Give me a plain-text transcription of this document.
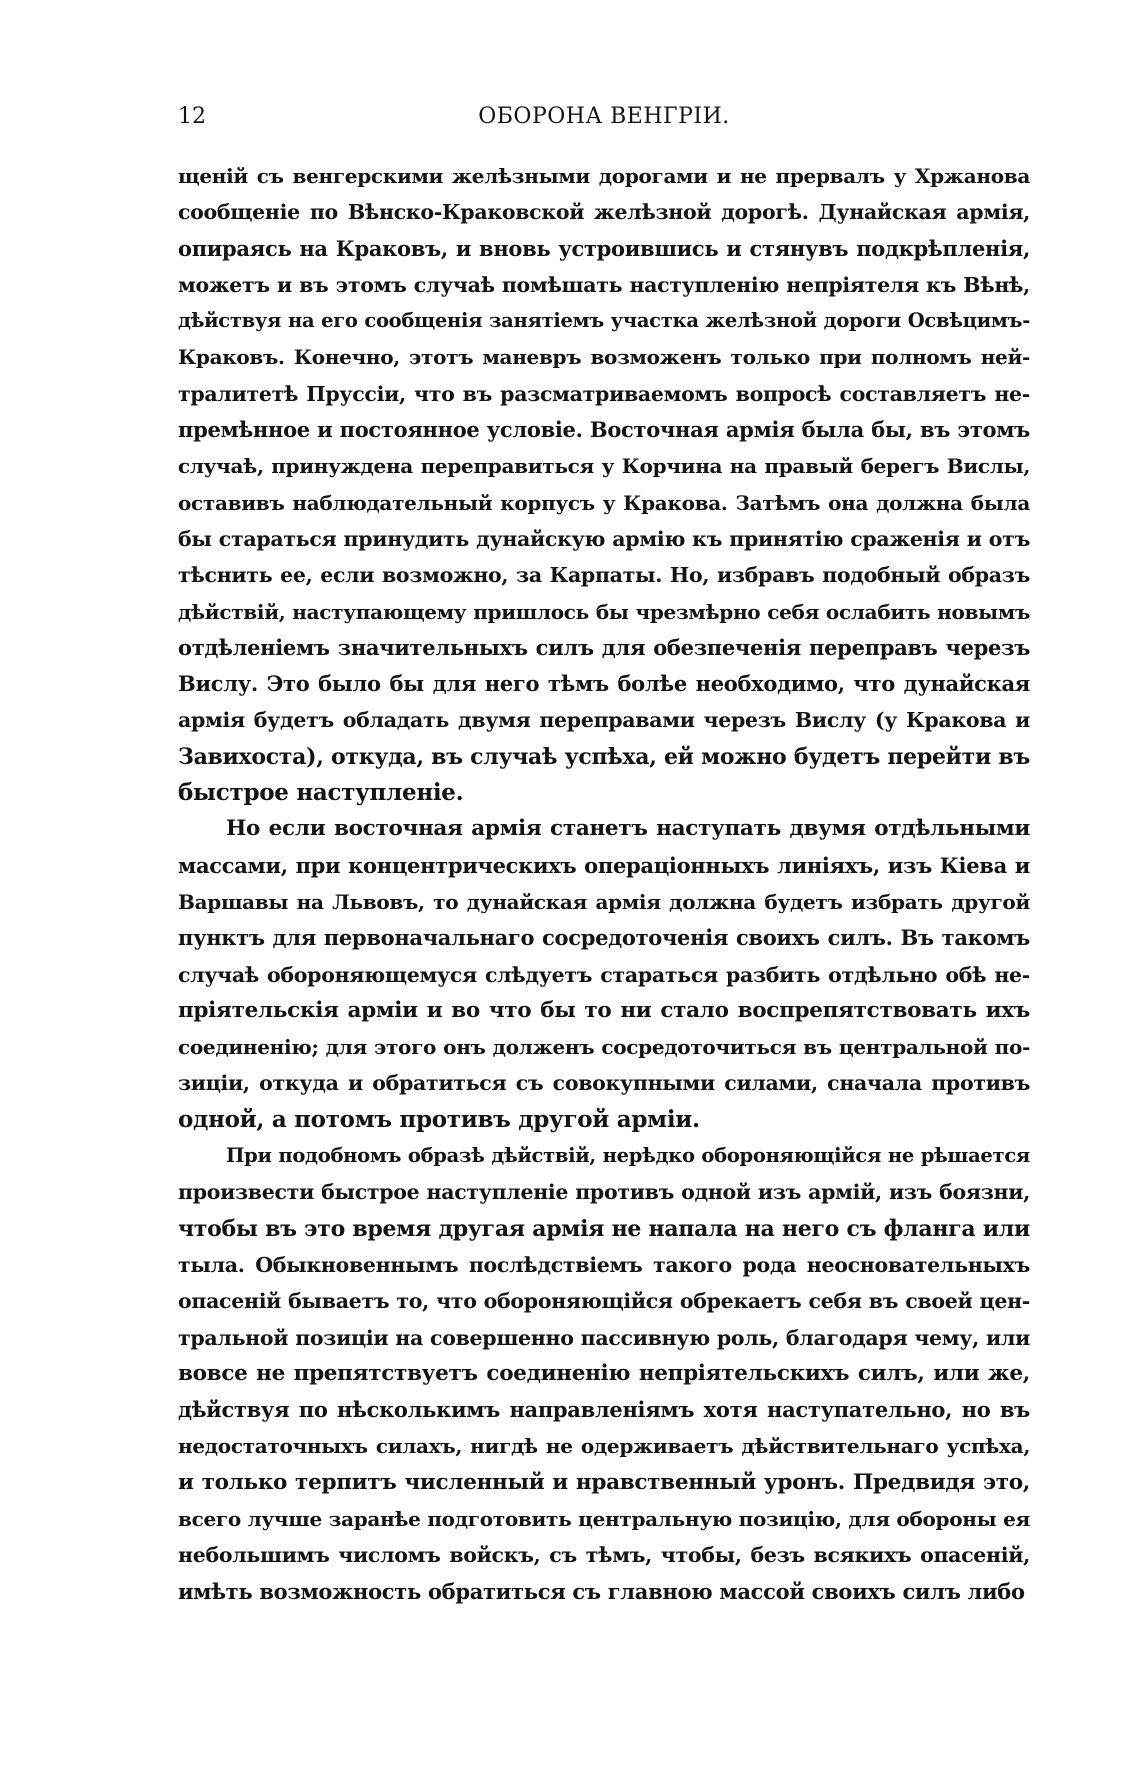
12	ОБОРОНА ВЕНГРІИ.
щеній съ венгерскими желѣзными дорогами и не прервалъ у Хржанова
сообщеніе по Вѣнско-Краковской желѣзной дорогѣ. Дунайская армія,
опираясь на Краковъ, и вновь устроившись и стянувъ подкрѣпленія,
можетъ и въ этомъ случаѣ помѣшать наступленію непріятеля къ Вѣнѣ,
дѣйствуя на его сообщенія занятіемъ участка желѣзной дороги Освѣцимъ-
Краковъ. Конечно, этотъ маневръ возможенъ только при полномъ ней-
тралитетѣ Пруссіи, что въ разсматриваемомъ вопросѣ составляетъ не-
премѣнное и постоянное условіе. Восточная армія была бы, въ этомъ
случаѣ, принуждена переправиться у Корчина на правый берегъ Вислы,
оставивъ наблюдательный корпусъ у Кракова. Затѣмъ она должна была
бы стараться принудить дунайскую армію къ принятію сраженія и отъ
тѣснить ее, если возможно, за Карпаты. Но, избравъ подобный образъ
дѣйствій, наступающему пришлось бы чрезмѣрно себя ослабить новымъ
отдѣленіемъ значительныхъ силъ для обезпеченія переправъ черезъ
Вислу. Это было бы для него тѣмъ болѣе необходимо, что дунайская
армія будетъ обладать двумя переправами черезъ Вислу (у Кракова и
Завихоста), откуда, въ случаѣ успѣха, ей можно будетъ перейти въ
быстрое наступленіе.
Но если восточная армія станетъ наступать двумя отдѣльными
массами, при концентрическихъ операціонныхъ линіяхъ, изъ Кіева и
Варшавы на Львовъ, то дунайская армія должна будетъ избрать другой
пунктъ для первоначальнаго сосредоточенія своихъ силъ. Въ такомъ
случаѣ обороняющемуся слѣдуетъ стараться разбить отдѣльно обѣ не-
пріятельскія арміи и во что бы то ни стало воспрепятствовать ихъ
соединенію; для этого онъ долженъ сосредоточиться въ центральной по-
зиціи, откуда и обратиться съ совокупными силами, сначала противъ
одной, а потомъ противъ другой арміи.
При подобномъ образѣ дѣйствій, нерѣдко обороняющійся не рѣшается
произвести быстрое наступленіе противъ одной изъ армій, изъ боязни,
чтобы въ это время другая армія не напала на него съ фланга или
тыла. Обыкновеннымъ послѣдствіемъ такого рода неосновательныхъ
опасеній бываетъ то, что обороняющійся обрекаетъ себя въ своей цен-
тральной позиціи на совершенно пассивную роль, благодаря чему, или
вовсе не препятствуетъ соединенію непріятельскихъ силъ, или же,
дѣйствуя по нѣсколькимъ направленіямъ хотя наступательно, но въ
недостаточныхъ силахъ, нигдѣ не одерживаетъ дѣйствительнаго успѣха,
и только терпитъ численный и нравственный уронъ. Предвидя это,
всего лучше заранѣе подготовить центральную позицію, для обороны ея
небольшимъ числомъ войскъ, съ тѣмъ, чтобы, безъ всякихъ опасеній,
имѣть возможность обратиться съ главною массой своихъ силъ либо
